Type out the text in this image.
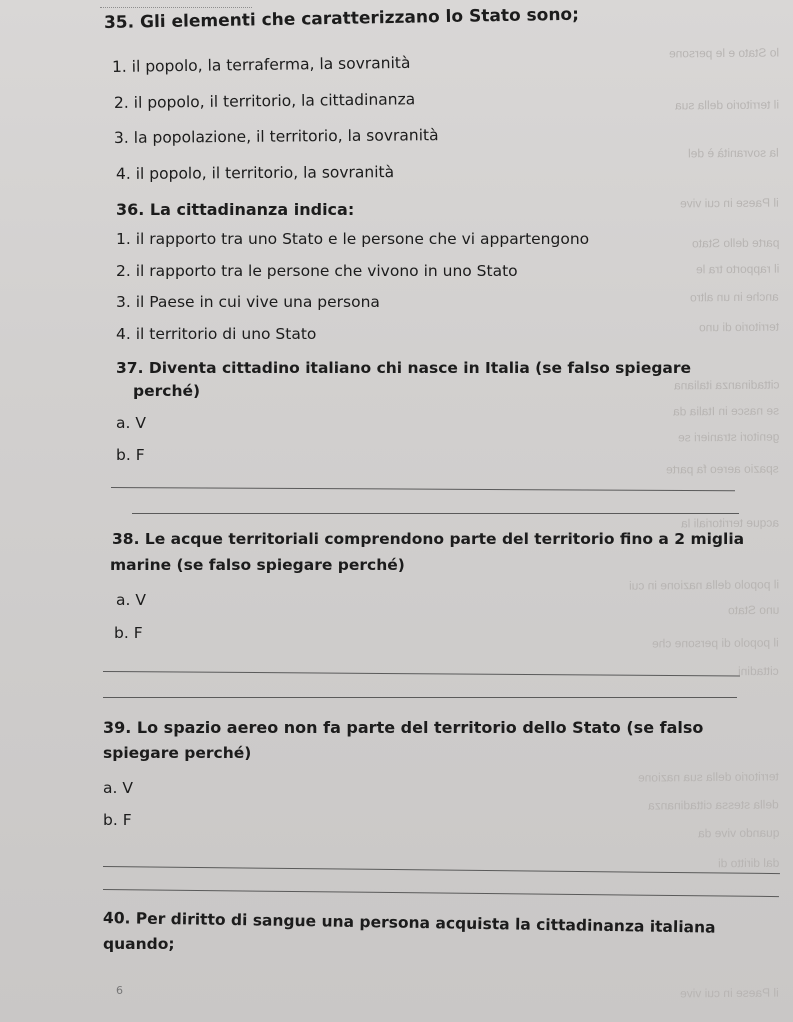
lo Stato e le persone
il territorio della sua
la sovranità è del
il Paese in cui vive
parte dello Stato
il rapporto tra le
anche in un altro
territorio di uno
cittadinanza italiana
se nasce in Italia da
genitori stranieri se
spazio aereo fa parte
acque territoriali la
il popolo della nazione in cui
uno Stato
il popolo di persone che
cittadini
territorio della sua nazione
della stessa cittadinanza
quando vive da
dal diritto di
il Paese in cui vive
35. Gli elementi che caratterizzano lo Stato sono;
1. il popolo, la terraferma, la sovranità
2. il popolo, il territorio, la cittadinanza
3. la popolazione, il territorio, la sovranità
4. il popolo, il territorio, la sovranità
36. La cittadinanza indica:
1. il rapporto tra uno Stato e le persone che vi appartengono
2. il rapporto tra le persone che vivono in uno Stato
3. il Paese in cui vive una persona
4. il territorio di uno Stato
37. Diventa cittadino italiano chi nasce in Italia (se falso spiegare
perché)
a. V
b. F
38. Le acque territoriali comprendono parte del territorio fino a 2 miglia
marine (se falso spiegare perché)
a. V
b. F
39. Lo spazio aereo non fa parte del territorio dello Stato (se falso
spiegare perché)
a. V
b. F
40. Per diritto di sangue una persona acquista la cittadinanza italiana
quando;
6
